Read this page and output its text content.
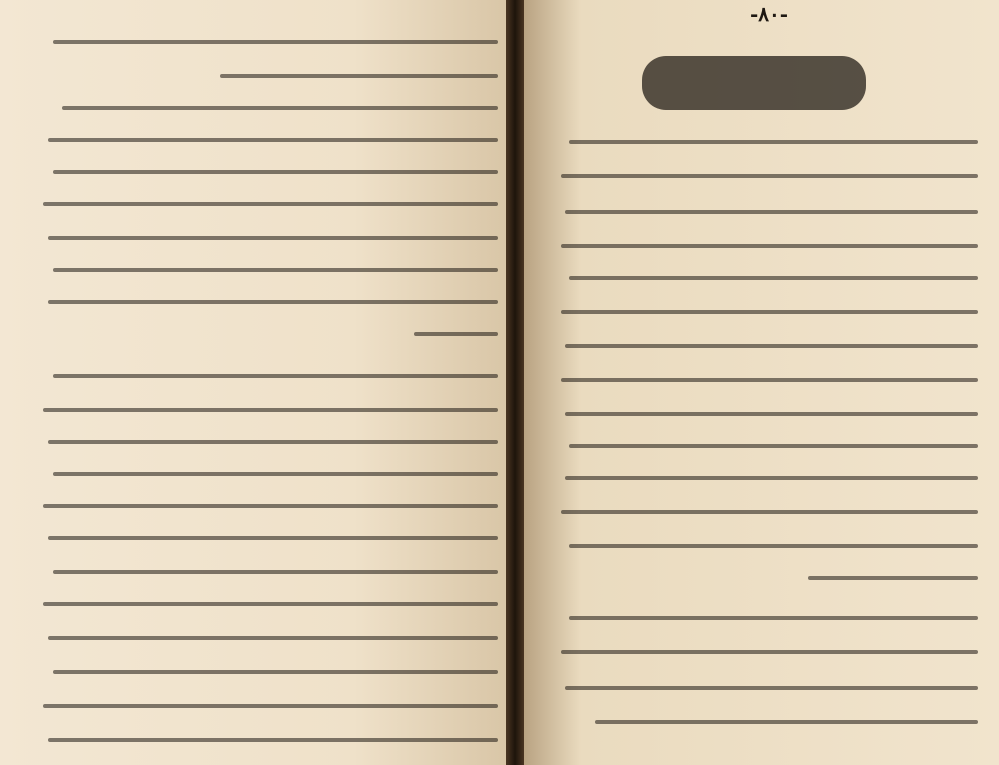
-٨٠-
